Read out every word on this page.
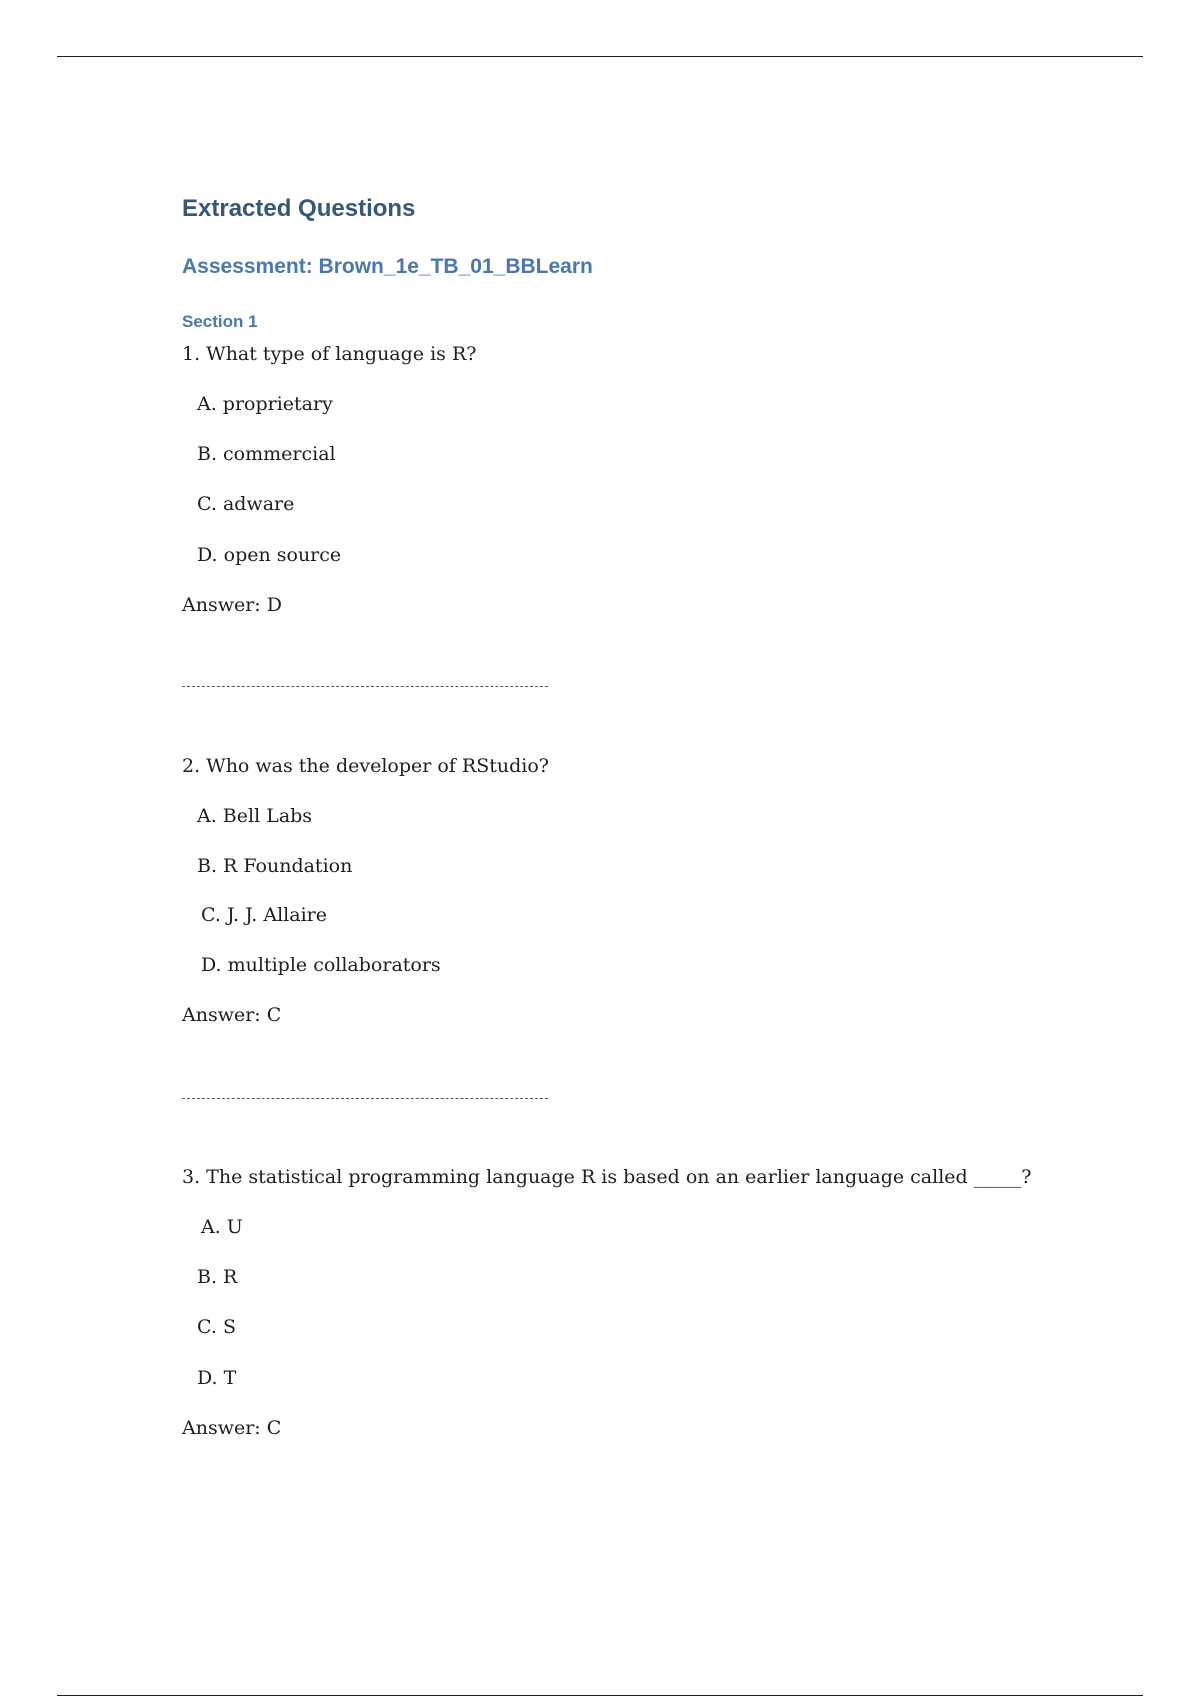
Extracted Questions
Assessment: Brown_1e_TB_01_BBLearn
Section 1

1. What type of language is R?

A. proprietary

B. commercial

C. adware

D. open source

Answer: D

2. Who was the developer of RStudio?

A. Bell Labs

B. R Foundation

C. J. J. Allaire

D. multiple collaborators

Answer: C

3. The statistical programming language R is based on an earlier language called _____?

A. U

B. R

C. S

D. T

Answer: C
